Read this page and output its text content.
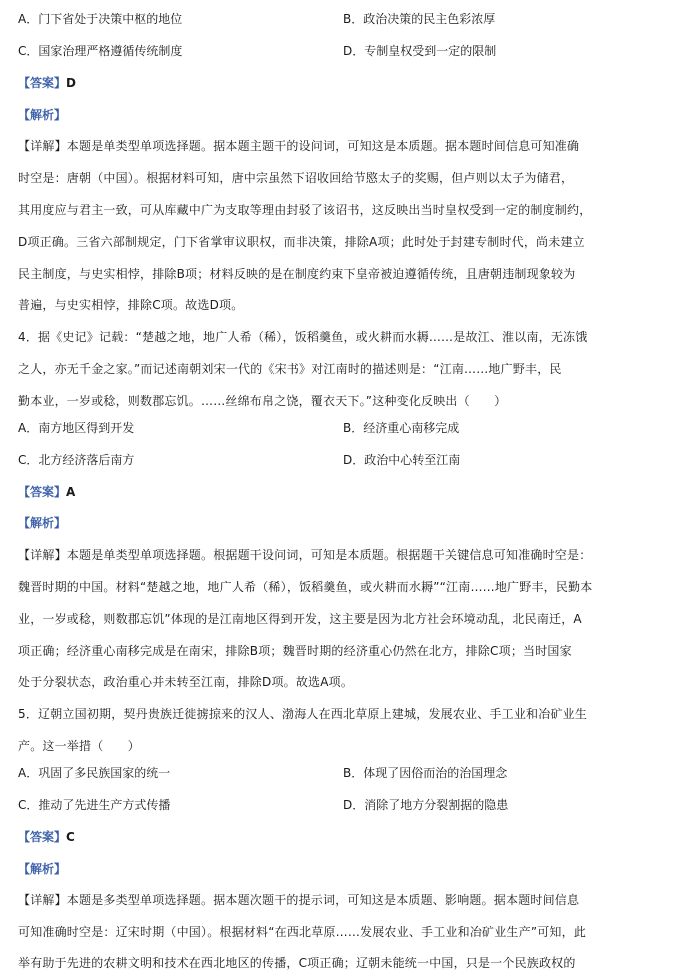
A．门下省处于决策中枢的地位	B．政治决策的民主色彩浓厚
C．国家治理严格遵循传统制度	D．专制皇权受到一定的限制
【答案】D
【解析】
【详解】本题是单类型单项选择题。据本题主题干的设问词，可知这是本质题。据本题时间信息可知准确
时空是：唐朝（中国）。根据材料可知，唐中宗虽然下诏收回给节愍太子的奖赐，但卢则以太子为储君，
其用度应与君主一致，可从库藏中广为支取等理由封驳了该诏书，这反映出当时皇权受到一定的制度制约，
D项正确。三省六部制规定，门下省掌审议职权，而非决策，排除A项；此时处于封建专制时代，尚未建立
民主制度，与史实相悖，排除B项；材料反映的是在制度约束下皇帝被迫遵循传统，且唐朝违制现象较为
普遍，与史实相悖，排除C项。故选D项。
4．据《史记》记载：“楚越之地，地广人希（稀），饭稻羹鱼，或火耕而水耨……是故江、淮以南，无冻饿
之人，亦无千金之家。”而记述南朝刘宋一代的《宋书》对江南时的描述则是：“江南……地广野丰，民
勤本业，一岁或稔，则数郡忘饥。……丝绵布帛之饶，覆衣天下。”这种变化反映出（　　）
A．南方地区得到开发	B．经济重心南移完成
C．北方经济落后南方	D．政治中心转至江南
【答案】A
【解析】
【详解】本题是单类型单项选择题。根据题干设问词，可知是本质题。根据题干关键信息可知准确时空是：
魏晋时期的中国。材料“楚越之地，地广人希（稀），饭稻羹鱼，或火耕而水耨”“江南……地广野丰，民勤本
业，一岁或稔，则数郡忘饥”体现的是江南地区得到开发，这主要是因为北方社会环境动乱，北民南迁，A
项正确；经济重心南移完成是在南宋，排除B项；魏晋时期的经济重心仍然在北方，排除C项；当时国家
处于分裂状态，政治重心并未转至江南，排除D项。故选A项。
5．辽朝立国初期，契丹贵族迁徙掳掠来的汉人、渤海人在西北草原上建城，发展农业、手工业和冶矿业生
产。这一举措（　　）
A．巩固了多民族国家的统一	B．体现了因俗而治的治国理念
C．推动了先进生产方式传播	D．消除了地方分裂割据的隐患
【答案】C
【解析】
【详解】本题是多类型单项选择题。据本题次题干的提示词，可知这是本质题、影响题。据本题时间信息
可知准确时空是：辽宋时期（中国）。根据材料“在西北草原……发展农业、手工业和冶矿业生产”可知，此
举有助于先进的农耕文明和技术在西北地区的传播，C项正确；辽朝未能统一中国，只是一个民族政权的
